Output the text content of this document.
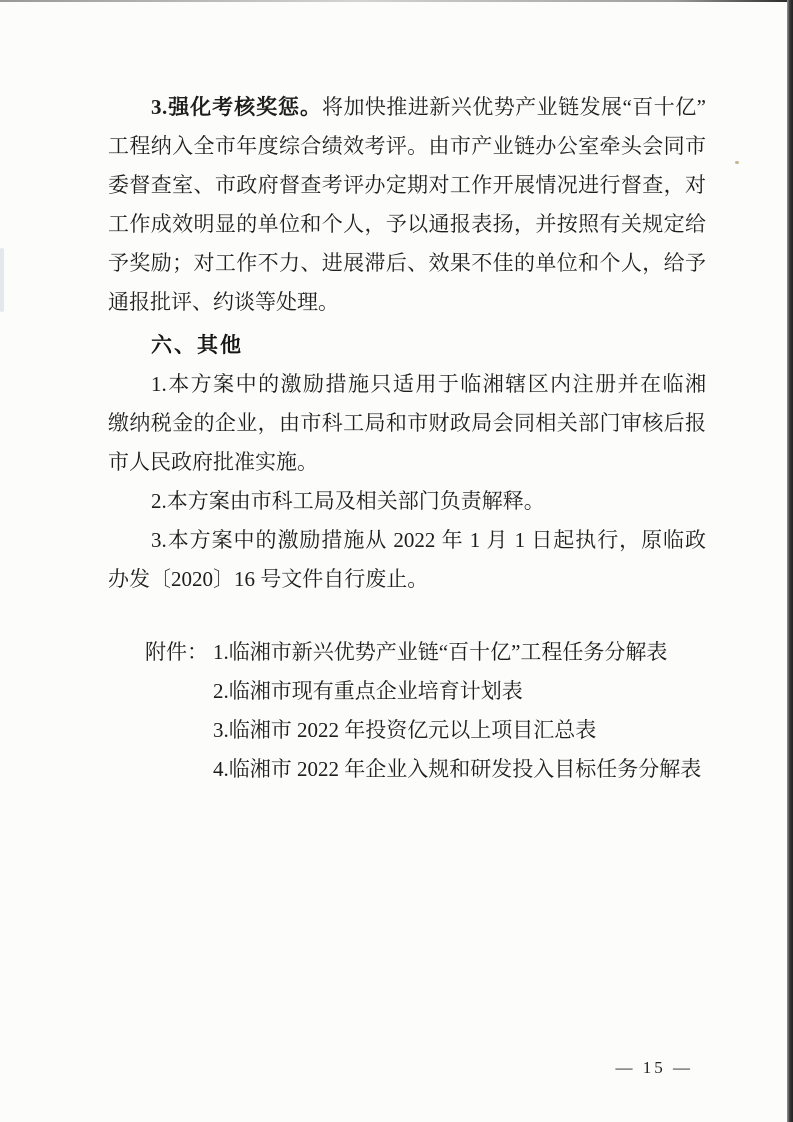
3.强化考核奖惩。将加快推进新兴优势产业链发展“百十亿”
工程纳入全市年度综合绩效考评。由市产业链办公室牵头会同市
委督查室、市政府督查考评办定期对工作开展情况进行督查，对
工作成效明显的单位和个人，予以通报表扬，并按照有关规定给
予奖励；对工作不力、进展滞后、效果不佳的单位和个人，给予
通报批评、约谈等处理。
六、其他
1.本方案中的激励措施只适用于临湘辖区内注册并在临湘
缴纳税金的企业，由市科工局和市财政局会同相关部门审核后报
市人民政府批准实施。
2.本方案由市科工局及相关部门负责解释。
3.本方案中的激励措施从 2022 年 1 月 1 日起执行，原临政
办发〔2020〕16 号文件自行废止。
附件： 1.临湘市新兴优势产业链“百十亿”工程任务分解表
2.临湘市现有重点企业培育计划表
3.临湘市 2022 年投资亿元以上项目汇总表
4.临湘市 2022 年企业入规和研发投入目标任务分解表
— 15 —
